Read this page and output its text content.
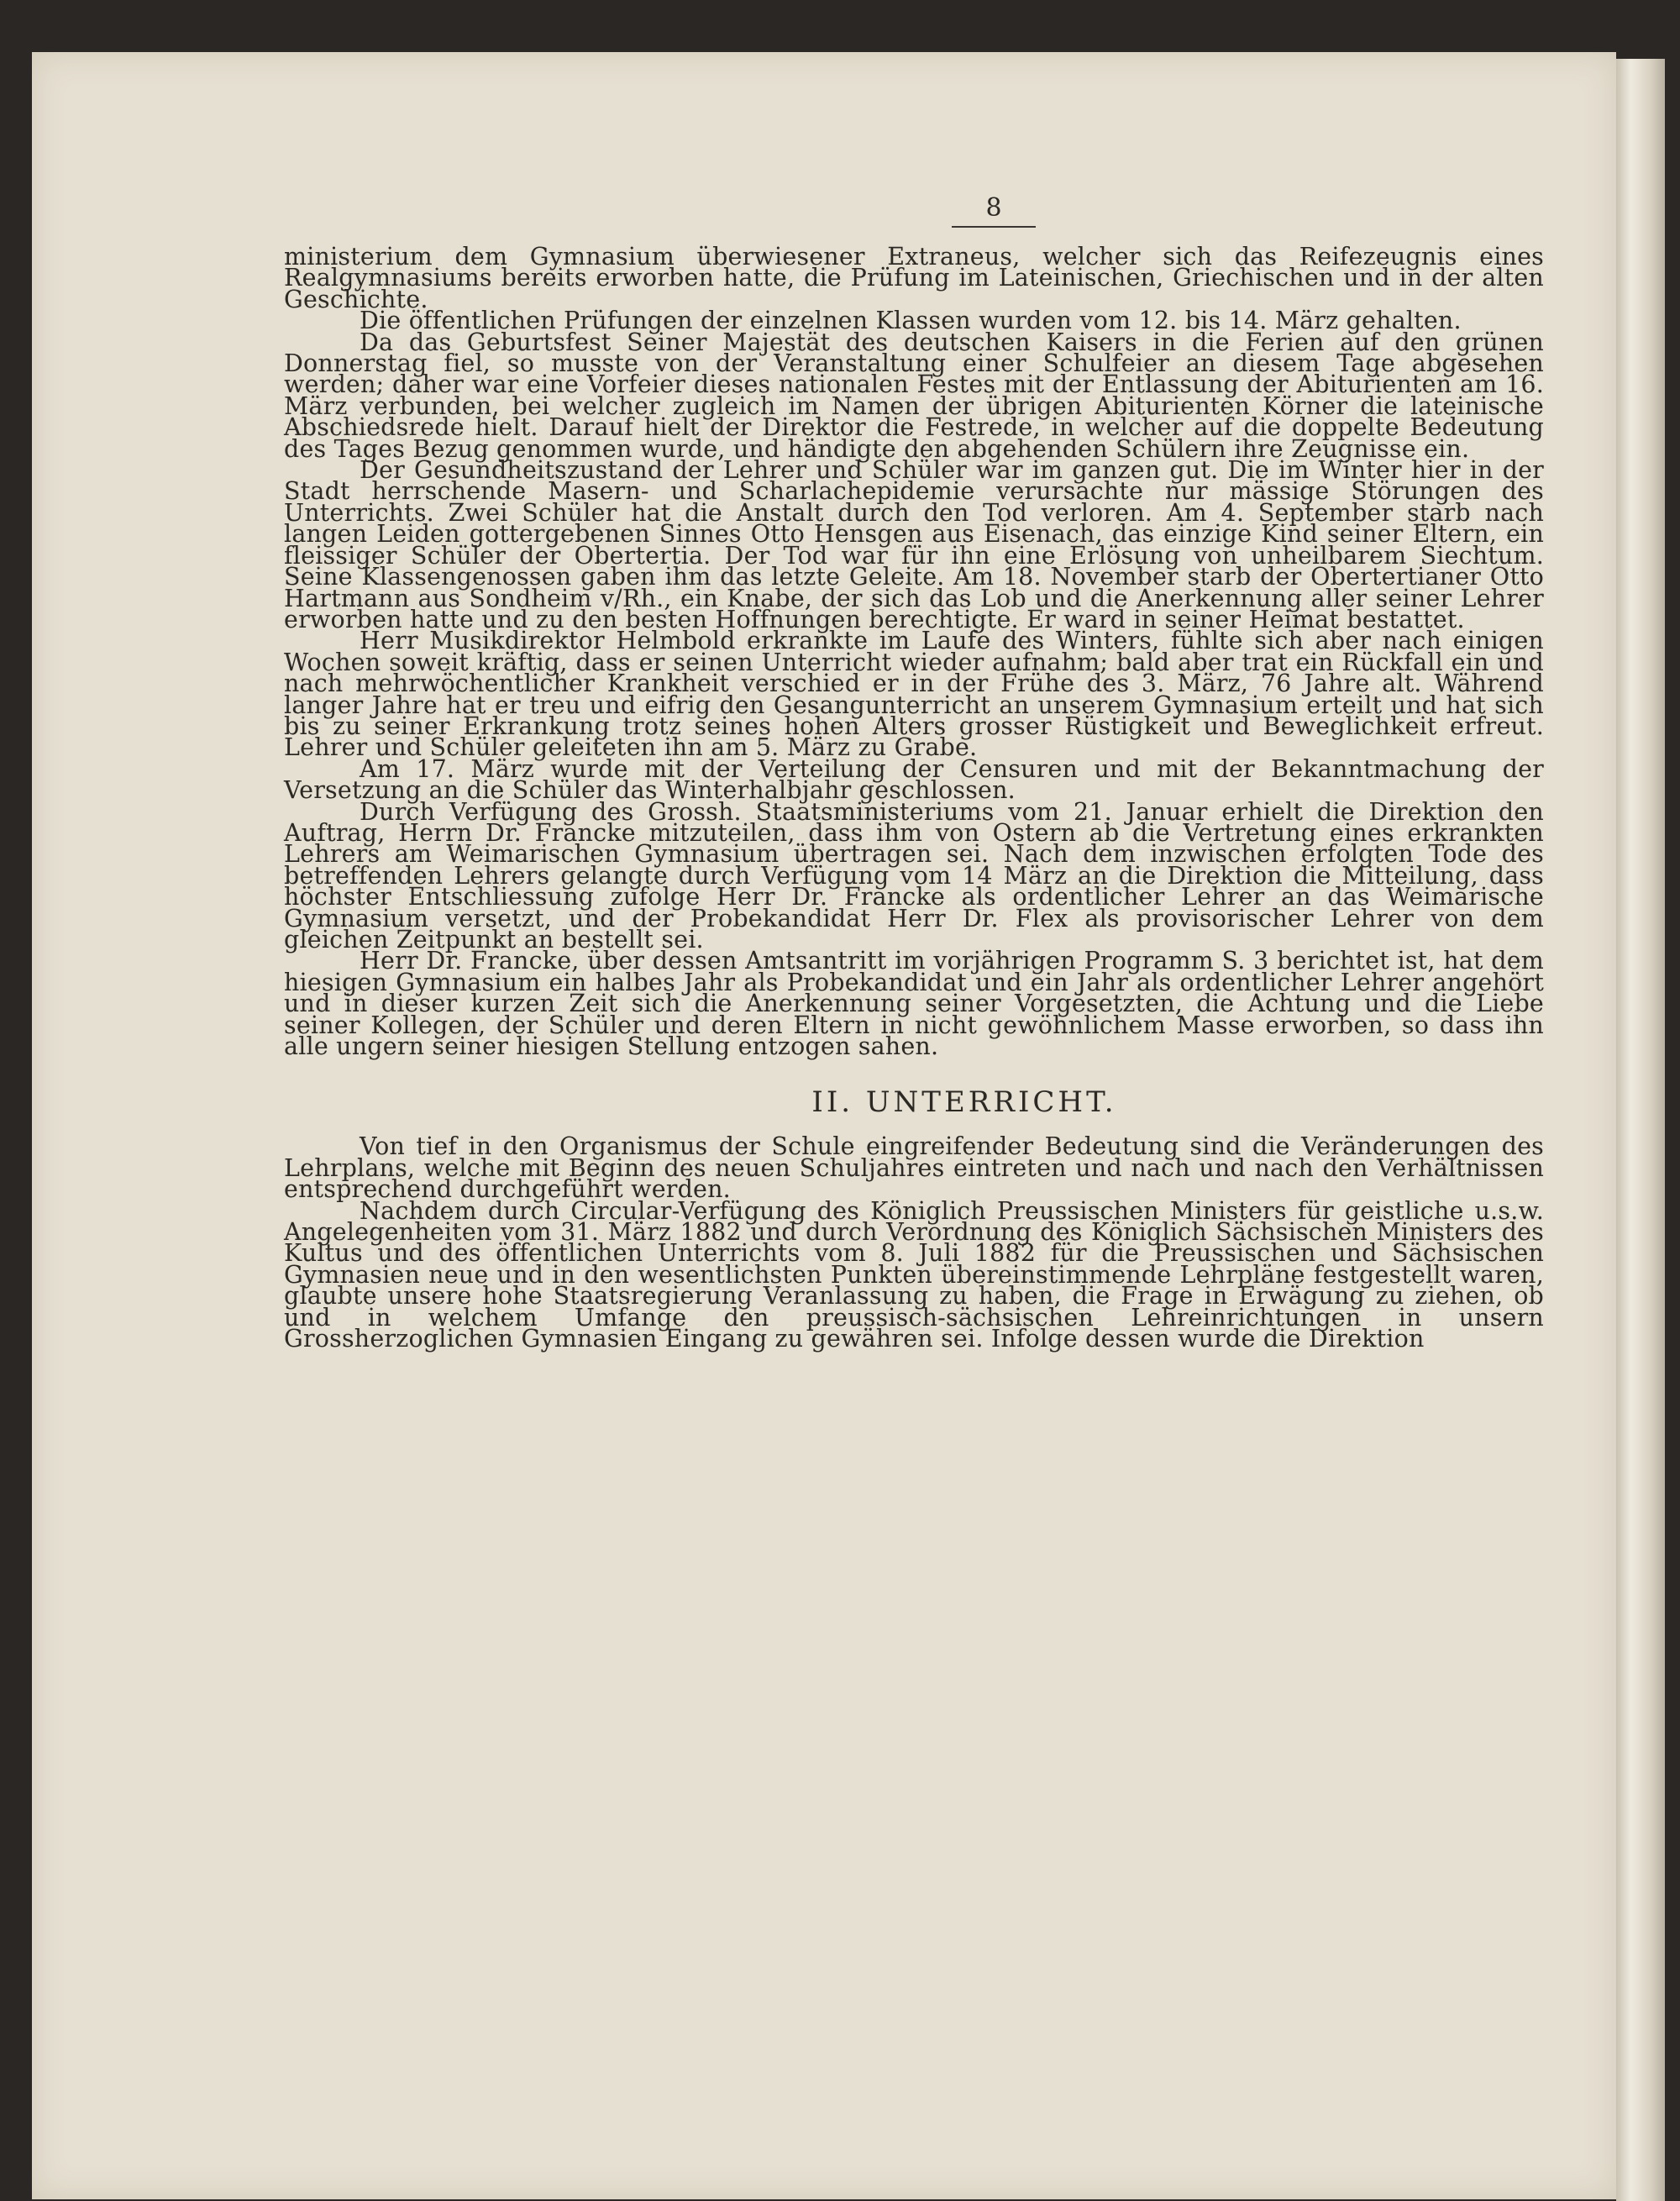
8

ministerium dem Gymnasium überwiesener Extraneus, welcher sich das Reifezeugnis eines Realgymnasiums bereits erworben hatte, die Prüfung im Lateinischen, Griechischen und in der alten Geschichte.

Die öffentlichen Prüfungen der einzelnen Klassen wurden vom 12. bis 14. März gehalten.

Da das Geburtsfest Seiner Majestät des deutschen Kaisers in die Ferien auf den grünen Donnerstag fiel, so musste von der Veranstaltung einer Schulfeier an diesem Tage abgesehen werden; daher war eine Vorfeier dieses nationalen Festes mit der Entlassung der Abiturienten am 16. März verbunden, bei welcher zugleich im Namen der übrigen Abiturienten Körner die lateinische Abschiedsrede hielt. Darauf hielt der Direktor die Festrede, in welcher auf die doppelte Bedeutung des Tages Bezug genommen wurde, und händigte den abgehenden Schülern ihre Zeugnisse ein.

Der Gesundheitszustand der Lehrer und Schüler war im ganzen gut. Die im Winter hier in der Stadt herrschende Masern- und Scharlachepidemie verursachte nur mässige Störungen des Unterrichts. Zwei Schüler hat die Anstalt durch den Tod verloren. Am 4. September starb nach langen Leiden gottergebenen Sinnes Otto Hensgen aus Eisenach, das einzige Kind seiner Eltern, ein fleissiger Schüler der Obertertia. Der Tod war für ihn eine Erlösung von unheilbarem Siechtum. Seine Klassengenossen gaben ihm das letzte Geleite. Am 18. November starb der Obertertianer Otto Hartmann aus Sondheim v/Rh., ein Knabe, der sich das Lob und die Anerkennung aller seiner Lehrer erworben hatte und zu den besten Hoffnungen berechtigte. Er ward in seiner Heimat bestattet.

Herr Musikdirektor Helmbold erkrankte im Laufe des Winters, fühlte sich aber nach einigen Wochen soweit kräftig, dass er seinen Unterricht wieder aufnahm; bald aber trat ein Rückfall ein und nach mehrwöchentlicher Krankheit verschied er in der Frühe des 3. März, 76 Jahre alt. Während langer Jahre hat er treu und eifrig den Gesangunterricht an unserem Gymnasium erteilt und hat sich bis zu seiner Erkrankung trotz seines hohen Alters grosser Rüstigkeit und Beweglichkeit erfreut. Lehrer und Schüler geleiteten ihn am 5. März zu Grabe.

Am 17. März wurde mit der Verteilung der Censuren und mit der Bekanntmachung der Versetzung an die Schüler das Winterhalbjahr geschlossen.

Durch Verfügung des Grossh. Staatsministeriums vom 21. Januar erhielt die Direktion den Auftrag, Herrn Dr. Francke mitzuteilen, dass ihm von Ostern ab die Vertretung eines erkrankten Lehrers am Weimarischen Gymnasium übertragen sei. Nach dem inzwischen erfolgten Tode des betreffenden Lehrers gelangte durch Verfügung vom 14 März an die Direktion die Mitteilung, dass höchster Entschliessung zufolge Herr Dr. Francke als ordentlicher Lehrer an das Weimarische Gymnasium versetzt, und der Probekandidat Herr Dr. Flex als provisorischer Lehrer von dem gleichen Zeitpunkt an bestellt sei.

Herr Dr. Francke, über dessen Amtsantritt im vorjährigen Programm S. 3 berichtet ist, hat dem hiesigen Gymnasium ein halbes Jahr als Probekandidat und ein Jahr als ordentlicher Lehrer angehört und in dieser kurzen Zeit sich die Anerkennung seiner Vorgesetzten, die Achtung und die Liebe seiner Kollegen, der Schüler und deren Eltern in nicht gewöhnlichem Masse erworben, so dass ihn alle ungern seiner hiesigen Stellung entzogen sahen.

II. UNTERRICHT.

Von tief in den Organismus der Schule eingreifender Bedeutung sind die Veränderungen des Lehrplans, welche mit Beginn des neuen Schuljahres eintreten und nach und nach den Verhältnissen entsprechend durchgeführt werden.

Nachdem durch Circular-Verfügung des Königlich Preussischen Ministers für geistliche u.s.w. Angelegenheiten vom 31. März 1882 und durch Verordnung des Königlich Sächsischen Ministers des Kultus und des öffentlichen Unterrichts vom 8. Juli 1882 für die Preussischen und Sächsischen Gymnasien neue und in den wesentlichsten Punkten übereinstimmende Lehrpläne festgestellt waren, glaubte unsere hohe Staatsregierung Veranlassung zu haben, die Frage in Erwägung zu ziehen, ob und in welchem Umfange den preussisch-sächsischen Lehreinrichtungen in unsern Grossherzoglichen Gymnasien Eingang zu gewähren sei. Infolge dessen wurde die Direktion
